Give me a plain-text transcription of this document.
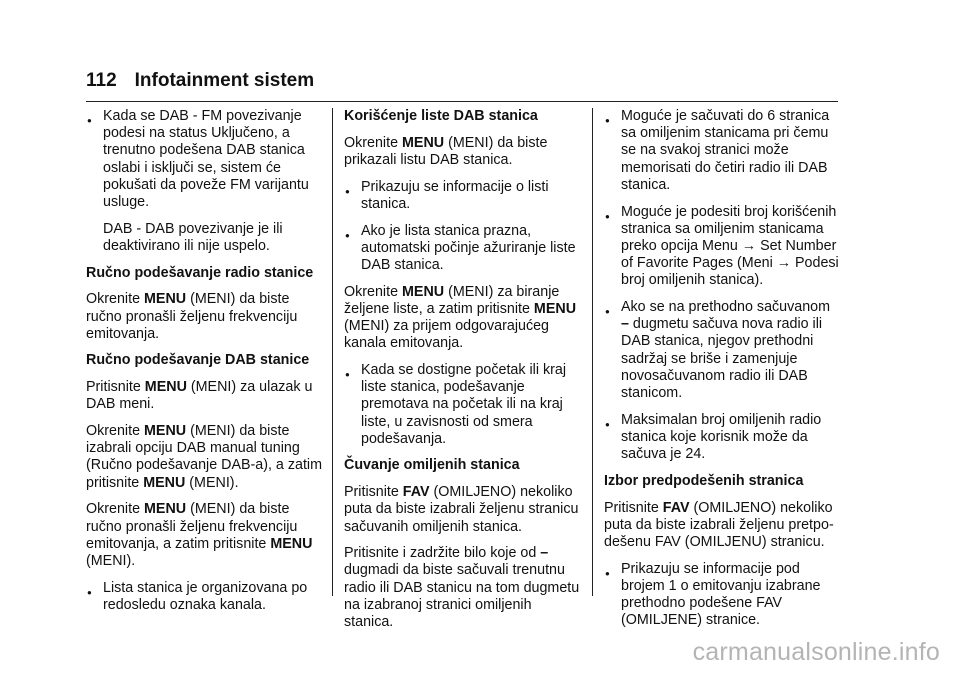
112 Infotainment sistem
● Kada se DAB - FM povezivanje podesi na status Uključeno, a trenutno podešena DAB stanica oslabi i isključi se, sistem će pokušati da poveže FM varijantu usluge.
DAB - DAB povezivanje je ili deaktivirano ili nije uspelo.
Ručno podešavanje radio stanice
Okrenite MENU (MENI) da biste ručno pronašli željenu frekvenciju emitovanja.
Ručno podešavanje DAB stanice
Pritisnite MENU (MENI) za ulazak u DAB meni.
Okrenite MENU (MENI) da biste izabrali opciju DAB manual tuning (Ručno podešavanje DAB-a), a zatim pritisnite MENU (MENI).
Okrenite MENU (MENI) da biste ručno pronašli željenu frekvenciju emitovanja, a zatim pritisnite MENU (MENI).
● Lista stanica je organizovana po redosledu oznaka kanala.
Korišćenje liste DAB stanica
Okrenite MENU (MENI) da biste prikazali listu DAB stanica.
● Prikazuju se informacije o listi stanica.
● Ako je lista stanica prazna, automatski počinje ažuriranje liste DAB stanica.
Okrenite MENU (MENI) za biranje željene liste, a zatim pritisnite MENU (MENI) za prijem odgovarajućeg kanala emitovanja.
● Kada se dostigne početak ili kraj liste stanica, podešavanje premotava na početak ili na kraj liste, u zavisnosti od smera podešavanja.
Čuvanje omiljenih stanica
Pritisnite FAV (OMILJENO) nekoliko puta da biste izabrali željenu stranicu sačuvanih omiljenih stanica.
Pritisnite i zadržite bilo koje od – dugmadi da biste sačuvali trenutnu radio ili DAB stanicu na tom dugmetu na izabranoj stranici omiljenih stanica.
● Moguće je sačuvati do 6 stranica sa omiljenim stanicama pri čemu se na svakoj stranici može memorisati do četiri radio ili DAB stanica.
● Moguće je podesiti broj korišćenih stranica sa omiljenim stanicama preko opcija Menu → Set Number of Favorite Pages (Meni → Podesi broj omiljenih stanica).
● Ako se na prethodno sačuvanom – dugmetu sačuva nova radio ili DAB stanica, njegov prethodni sadržaj se briše i zamenjuje novosačuvanom radio ili DAB stanicom.
● Maksimalan broj omiljenih radio stanica koje korisnik može da sačuva je 24.
Izbor predpodešenih stranica
Pritisnite FAV (OMILJENO) nekoliko puta da biste izabrali željenu pretpodešenu FAV (OMILJENU) stranicu.
● Prikazuju se informacije pod brojem 1 o emitovanju izabrane prethodno podešene FAV (OMILJENE) stranice.
carmanualsonline.info
